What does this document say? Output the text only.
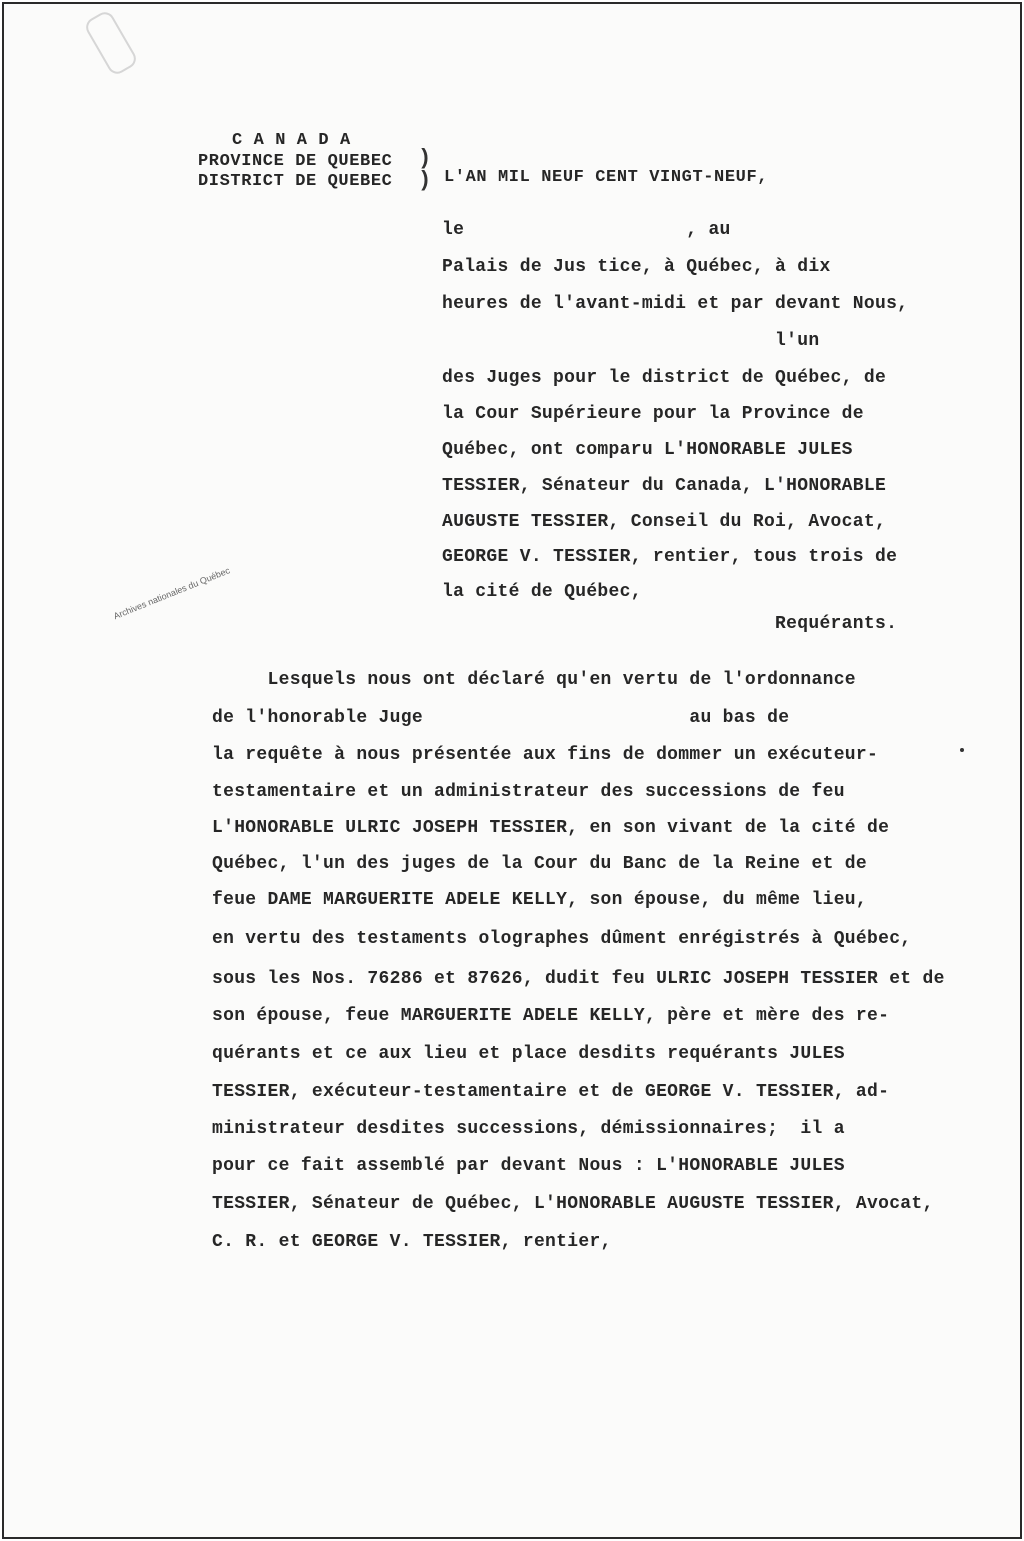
C A N A D A
PROVINCE DE QUEBEC
DISTRICT DE QUEBEC
)
) L'AN MIL NEUF CENT VINGT-NEUF,
le                    , au
Palais de Jus tice, à Québec, à dix
heures de l'avant-midi et par devant Nous,
l'un
des Juges pour le district de Québec, de
la Cour Supérieure pour la Province de
Québec, ont comparu L'HONORABLE JULES
TESSIER, Sénateur du Canada, L'HONORABLE
AUGUSTE TESSIER, Conseil du Roi, Avocat,
GEORGE V. TESSIER, rentier, tous trois de
la cité de Québec,
Requérants.
Archives nationales du Québec
Lesquels nous ont déclaré qu'en vertu de l'ordonnance
de l'honorable Juge                        au bas de
la requête à nous présentée aux fins de dommer un exécuteur-
testamentaire et un administrateur des successions de feu
L'HONORABLE ULRIC JOSEPH TESSIER, en son vivant de la cité de
Québec, l'un des juges de la Cour du Banc de la Reine et de
feue DAME MARGUERITE ADELE KELLY, son épouse, du même lieu,
en vertu des testaments olographes dûment enrégistrés à Québec,
sous les Nos. 76286 et 87626, dudit feu ULRIC JOSEPH TESSIER et de
son épouse, feue MARGUERITE ADELE KELLY, père et mère des re-
quérants et ce aux lieu et place desdits requérants JULES
TESSIER, exécuteur-testamentaire et de GEORGE V. TESSIER, ad-
ministrateur desdites successions, démissionnaires;  il a
pour ce fait assemblé par devant Nous : L'HONORABLE JULES
TESSIER, Sénateur de Québec, L'HONORABLE AUGUSTE TESSIER, Avocat,
C. R. et GEORGE V. TESSIER, rentier,
